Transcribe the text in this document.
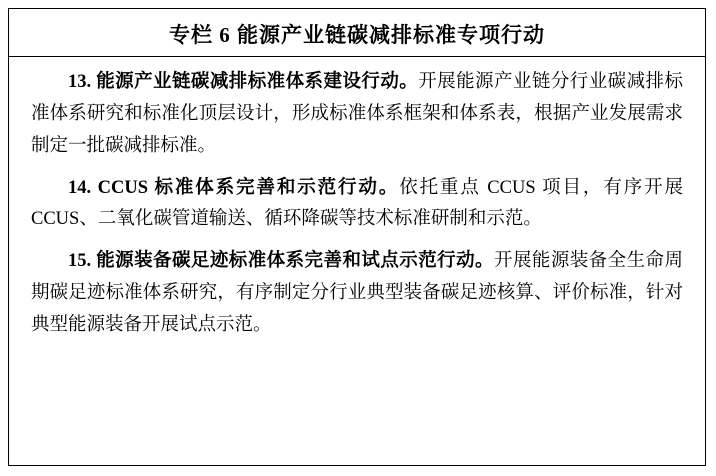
专栏 6 能源产业链碳减排标准专项行动

13. 能源产业链碳减排标准体系建设行动。开展能源产业链分行业碳减排标准体系研究和标准化顶层设计，形成标准体系框架和体系表，根据产业发展需求制定一批碳减排标准。

14. CCUS 标准体系完善和示范行动。依托重点 CCUS 项目，有序开展 CCUS、二氧化碳管道输送、循环降碳等技术标准研制和示范。

15. 能源装备碳足迹标准体系完善和试点示范行动。开展能源装备全生命周期碳足迹标准体系研究，有序制定分行业典型装备碳足迹核算、评价标准，针对典型能源装备开展试点示范。
